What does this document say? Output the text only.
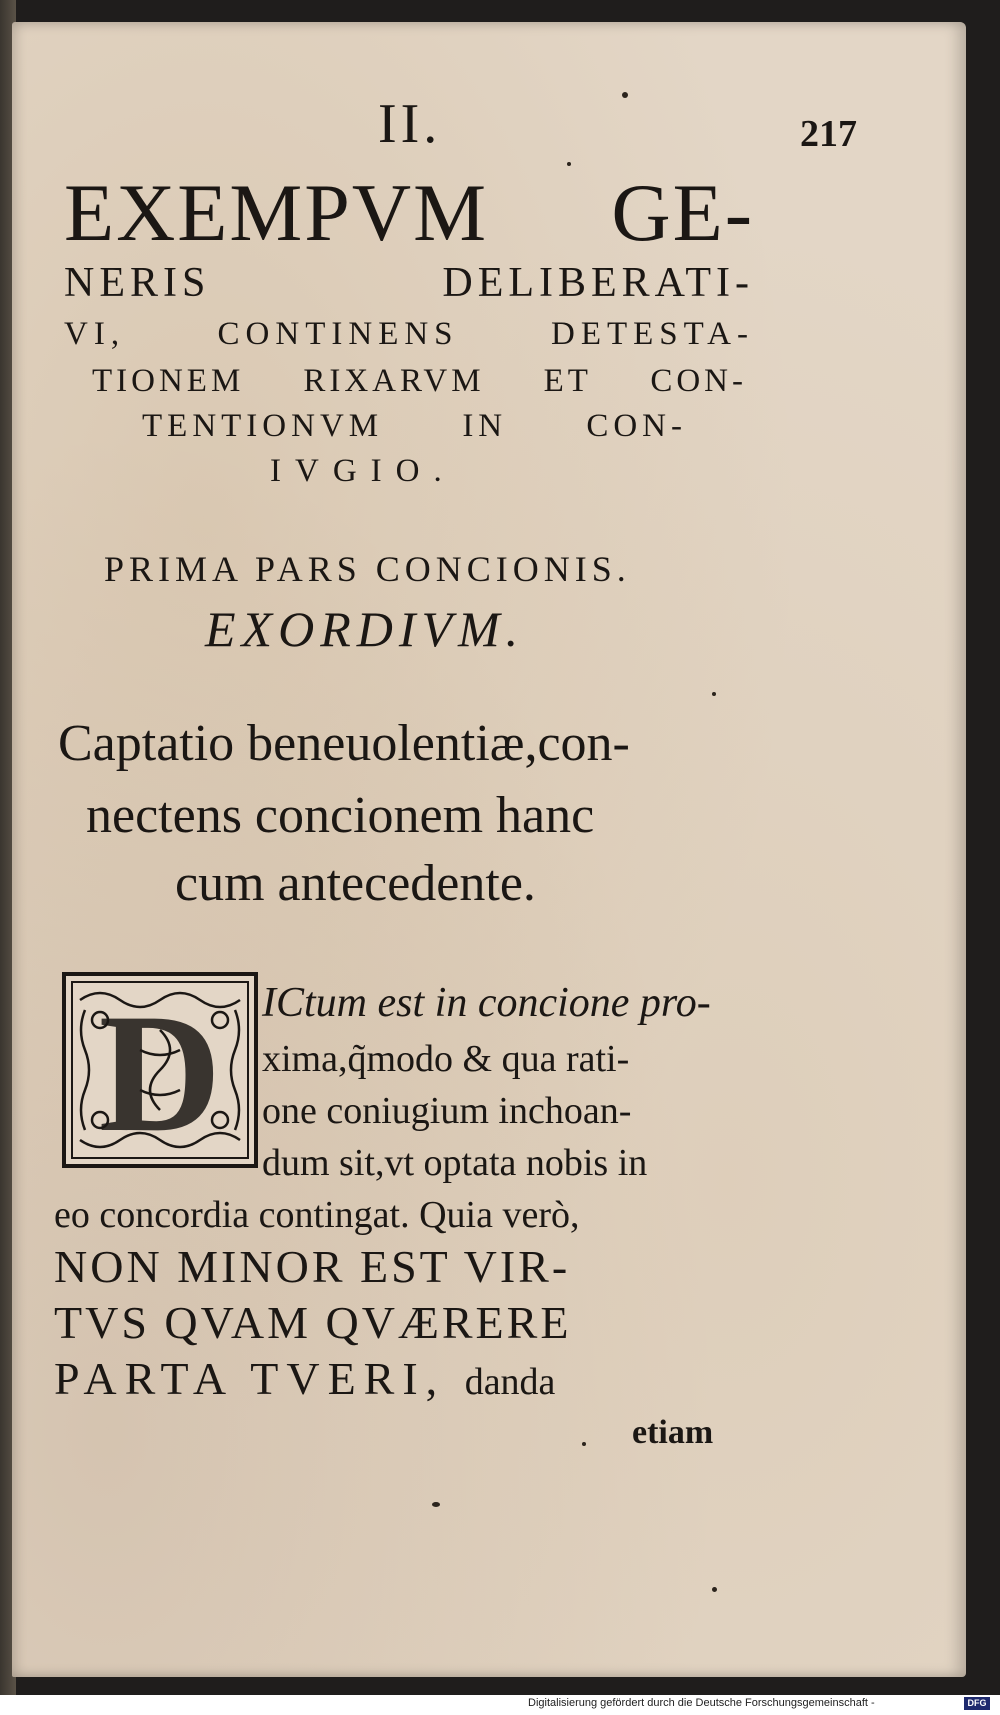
II.	217
EXEMPVM GE-
NERIS DELIBERATI-
VI, CONTINENS DETESTA-
TIONEM RIXARVM ET CON-
TENTIONVM IN CON-
IVGIO.
PRIMA PARS CONCIONIS.
EXORDIVM.
Captatio beneuolentiæ,con-
nectens concionem hanc
cum antecedente.
D ICtum est in concione pro-
xima,q̃modo & qua rati-
one coniugium inchoan-
dum sit,vt optata nobis in
eo concordia contingat. Quia verò,
NON MINOR EST VIR-
TVS QVAM QVÆRERE
PARTA TVERI, danda
etiam
Digitalisierung gefördert durch die Deutsche Forschungsgemeinschaft -	DFG
